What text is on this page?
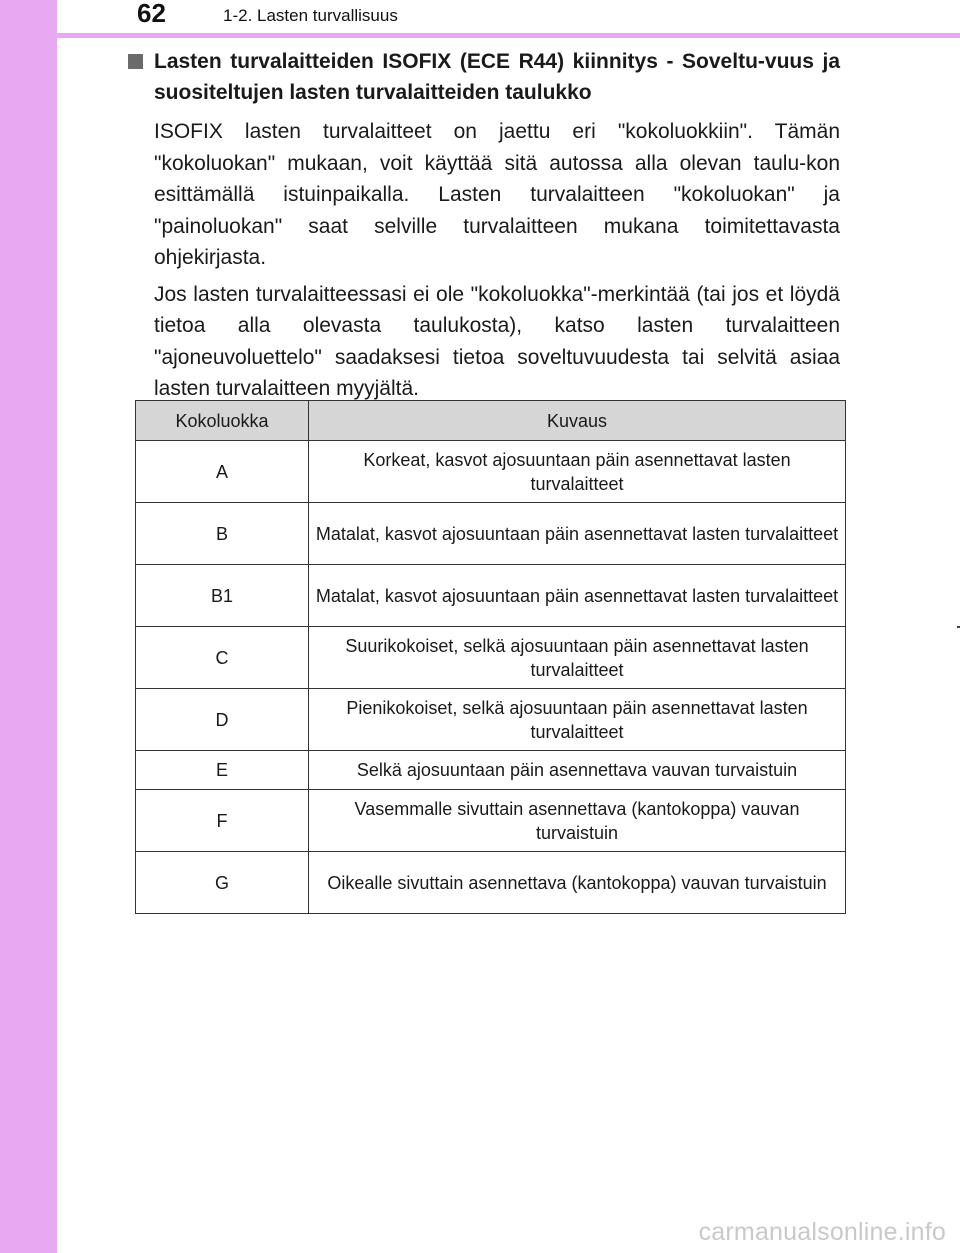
62	1-2. Lasten turvallisuus
Lasten turvalaitteiden ISOFIX (ECE R44) kiinnitys - Soveltu-vuus ja suositeltujen lasten turvalaitteiden taulukko

ISOFIX lasten turvalaitteet on jaettu eri "kokoluokkiin". Tämän "kokoluokan" mukaan, voit käyttää sitä autossa alla olevan taulu-kon esittämällä istuinpaikalla. Lasten turvalaitteen "kokoluokan" ja "painoluokan" saat selville turvalaitteen mukana toimitettavasta ohjekirjasta.

Jos lasten turvalaitteessasi ei ole "kokoluokka"-merkintää (tai jos et löydä tietoa alla olevasta taulukosta), katso lasten turvalaitteen "ajoneuvoluettelo" saadaksesi tietoa soveltuvuudesta tai selvitä asiaa lasten turvalaitteen myyjältä.

Kokoluokka	Kuvaus
A	Korkeat, kasvot ajosuuntaan päin asennettavat lasten turvalaitteet
B	Matalat, kasvot ajosuuntaan päin asennettavat lasten turvalaitteet
B1	Matalat, kasvot ajosuuntaan päin asennettavat lasten turvalaitteet
C	Suurikokoiset, selkä ajosuuntaan päin asennettavat lasten turvalaitteet
D	Pienikokoiset, selkä ajosuuntaan päin asennettavat lasten turvalaitteet
E	Selkä ajosuuntaan päin asennettava vauvan turvaistuin
F	Vasemmalle sivuttain asennettava (kantokoppa) vauvan turvaistuin
G	Oikealle sivuttain asennettava (kantokoppa) vauvan turvaistuin
carmanualsonline.info
